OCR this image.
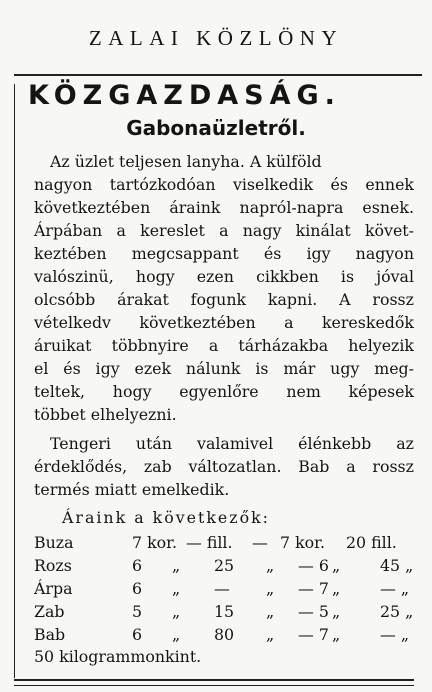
ZALAI KÖZLÖNY
KÖZGAZDASÁG.
Gabonaüzletről.
Az üzlet teljesen lanyha. A külföld
nagyon tartózkodóan viselkedik és ennek
következtében áraink napról-napra esnek.
Árpában a kereslet a nagy kinálat követ-
keztében megcsappant és igy nagyon
valószinü, hogy ezen cikkben is jóval
olcsóbb árakat fogunk kapni. A rossz
vételkedv következtében a kereskedők
áruikat többnyire a tárházakba helyezik
el és igy ezek nálunk is már ugy meg-
teltek, hogy egyenlőre nem képesek
többet elhelyezni.
Tengeri után valamivel élénkebb az
érdeklődés, zab változatlan. Bab a rossz
termés miatt emelkedik.
Áraink a következők:
Buza	7 kor. — fill. — 7 kor. 20 fill.
Rozs	6 „ 25 „ — 6 „	45 „
Árpa	6 „ — „ — 7 „	— „
Zab	5 „ 15 „ — 5 „	25 „
Bab	6 „ 80 „ — 7 „	— „
50 kilogrammonkint.
